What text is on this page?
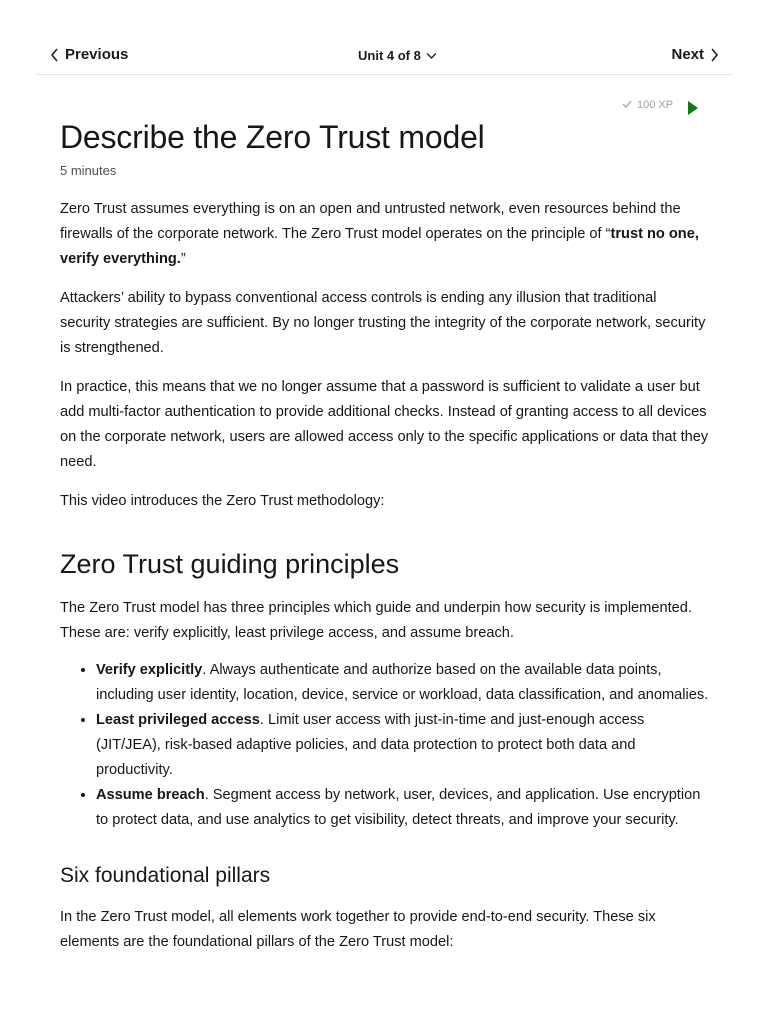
Previous	Unit 4 of 8	Next
100 XP
Describe the Zero Trust model
5 minutes

Zero Trust assumes everything is on an open and untrusted network, even resources behind the firewalls of the corporate network. The Zero Trust model operates on the principle of “trust no one, verify everything.”

Attackers’ ability to bypass conventional access controls is ending any illusion that traditional security strategies are sufficient. By no longer trusting the integrity of the corporate network, security is strengthened.

In practice, this means that we no longer assume that a password is sufficient to validate a user but add multi-factor authentication to provide additional checks. Instead of granting access to all devices on the corporate network, users are allowed access only to the specific applications or data that they need.

This video introduces the Zero Trust methodology:

Zero Trust guiding principles

The Zero Trust model has three principles which guide and underpin how security is implemented. These are: verify explicitly, least privilege access, and assume breach.

• Verify explicitly. Always authenticate and authorize based on the available data points, including user identity, location, device, service or workload, data classification, and anomalies.
• Least privileged access. Limit user access with just-in-time and just-enough access (JIT/JEA), risk-based adaptive policies, and data protection to protect both data and productivity.
• Assume breach. Segment access by network, user, devices, and application. Use encryption to protect data, and use analytics to get visibility, detect threats, and improve your security.
Six foundational pillars

In the Zero Trust model, all elements work together to provide end-to-end security. These six elements are the foundational pillars of the Zero Trust model:
